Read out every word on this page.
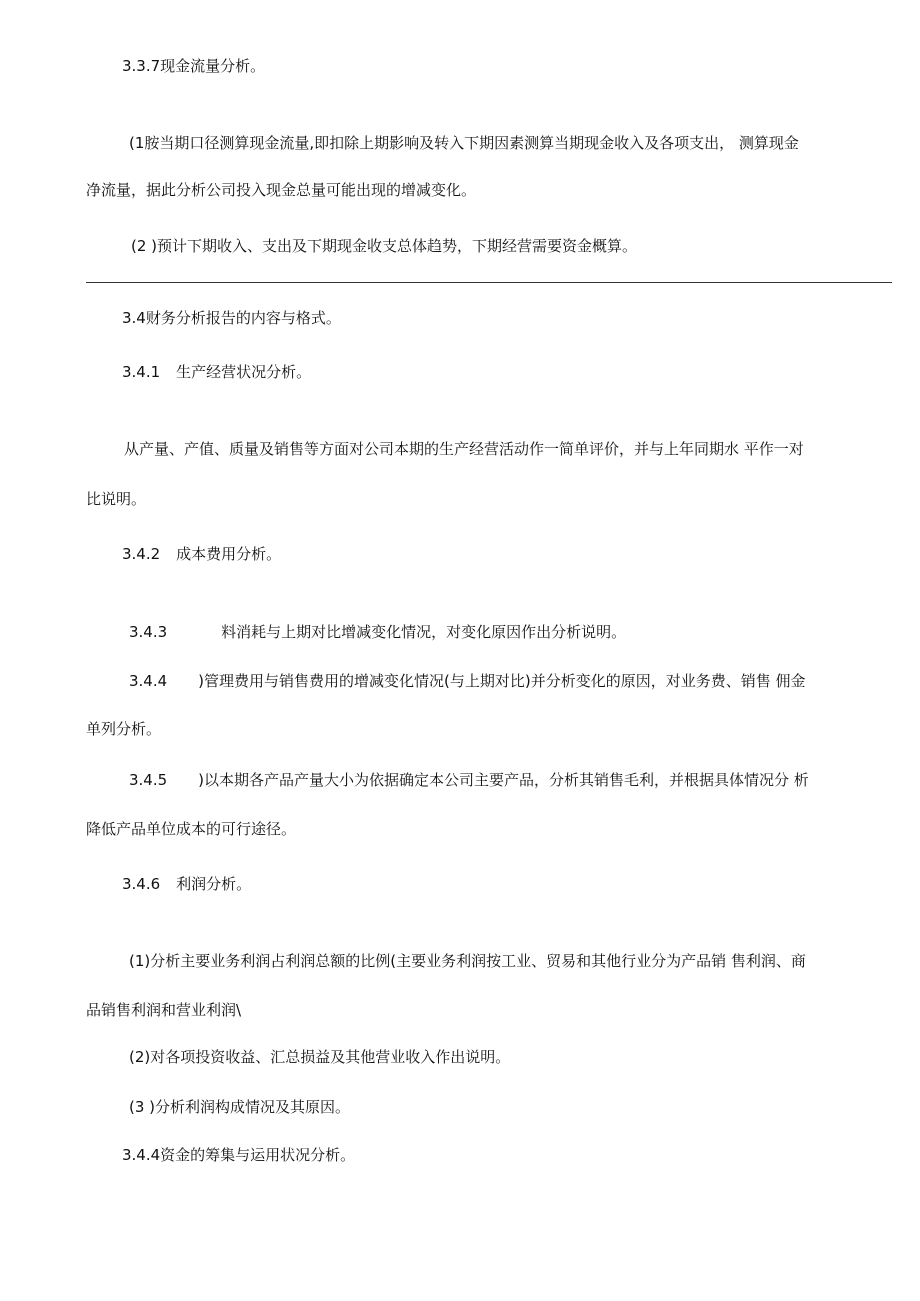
3.3.7现金流量分析。
(1胺当期口径测算现金流量,即扣除上期影响及转入下期因素测算当期现金收入及各项支出， 测算现金
净流量，据此分析公司投入现金总量可能出现的增减变化。
(2 )预计下期收入、支出及下期现金收支总体趋势，下期经营需要资金概算。
3.4财务分析报告的内容与格式。
3.4.1 生产经营状况分析。
从产量、产值、质量及销售等方面对公司本期的生产经营活动作一简单评价，并与上年同期水 平作一对
比说明。
3.4.2 成本费用分析。
3.4.3	料消耗与上期对比增减变化情况，对变化原因作出分析说明。
3.4.4 )管理费用与销售费用的增减变化情况(与上期对比)并分析变化的原因，对业务费、销售 佣金
单列分析。
3.4.5 )以本期各产品产量大小为依据确定本公司主要产品，分析其销售毛利，并根据具体情况分 析
降低产品单位成本的可行途径。
3.4.6 利润分析。
(1)分析主要业务利润占利润总额的比例(主要业务利润按工业、贸易和其他行业分为产品销 售利润、商
品销售利润和营业利润\
(2)对各项投资收益、汇总损益及其他营业收入作出说明。
(3 )分析利润构成情况及其原因。
3.4.4资金的筹集与运用状况分析。
